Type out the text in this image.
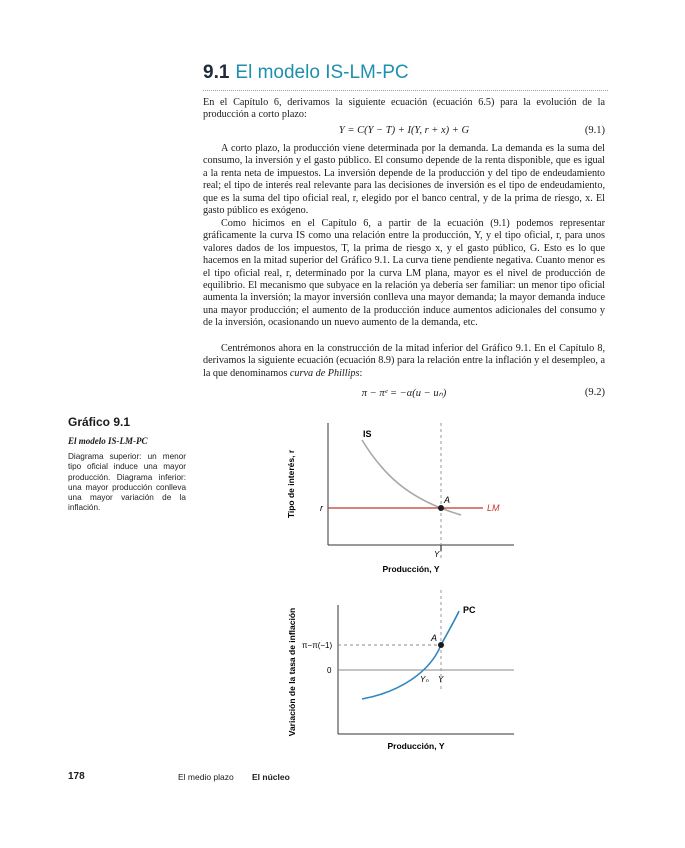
9.1 El modelo IS-LM-PC
En el Capítulo 6, derivamos la siguiente ecuación (ecuación 6.5) para la evolución de la producción a corto plazo:
Y = C(Y − T) + I(Y, r + x) + G	(9.1)
A corto plazo, la producción viene determinada por la demanda. La demanda es la suma del consumo, la inversión y el gasto público. El consumo depende de la renta disponible, que es igual a la renta neta de impuestos. La inversión depende de la producción y del tipo de endeudamiento real; el tipo de interés real relevante para las decisiones de inversión es el tipo de endeudamiento, que es la suma del tipo oficial real, r, elegido por el banco central, y de la prima de riesgo, x. El gasto público es exógeno.
Como hicimos en el Capítulo 6, a partir de la ecuación (9.1) podemos representar gráficamente la curva IS como una relación entre la producción, Y, y el tipo oficial, r, para unos valores dados de los impuestos, T, la prima de riesgo x, y el gasto público, G. Esto es lo que hacemos en la mitad superior del Gráfico 9.1. La curva tiene pendiente negativa. Cuanto menor es el tipo oficial real, r, determinado por la curva LM plana, mayor es el nivel de producción de equilibrio. El mecanismo que subyace en la relación ya debería ser familiar: un menor tipo oficial aumenta la inversión; la mayor inversión conlleva una mayor demanda; la mayor demanda induce una mayor producción; el aumento de la producción induce aumentos adicionales del consumo y de la inversión, ocasionando un nuevo aumento de la demanda, etc.
Centrémonos ahora en la construcción de la mitad inferior del Gráfico 9.1. En el Capítulo 8, derivamos la siguiente ecuación (ecuación 8.9) para la relación entre la inflación y el desempleo, a la que denominamos curva de Phillips:
π − πᵉ = −α(u − uₙ)	(9.2)
Gráfico 9.1
El modelo IS-LM-PC
Diagrama superior: un menor tipo oficial induce una mayor producción. Diagrama inferior: una mayor producción conlleva una mayor variación de la inflación.
IS
LM
A
r
Y
Producción, Y
Tipo de interés, r
PC
A
π−π(−1)
0
Yₙ Y
Producción, Y
Variación de la tasa de inflación
178	El medio plazo El núcleo
